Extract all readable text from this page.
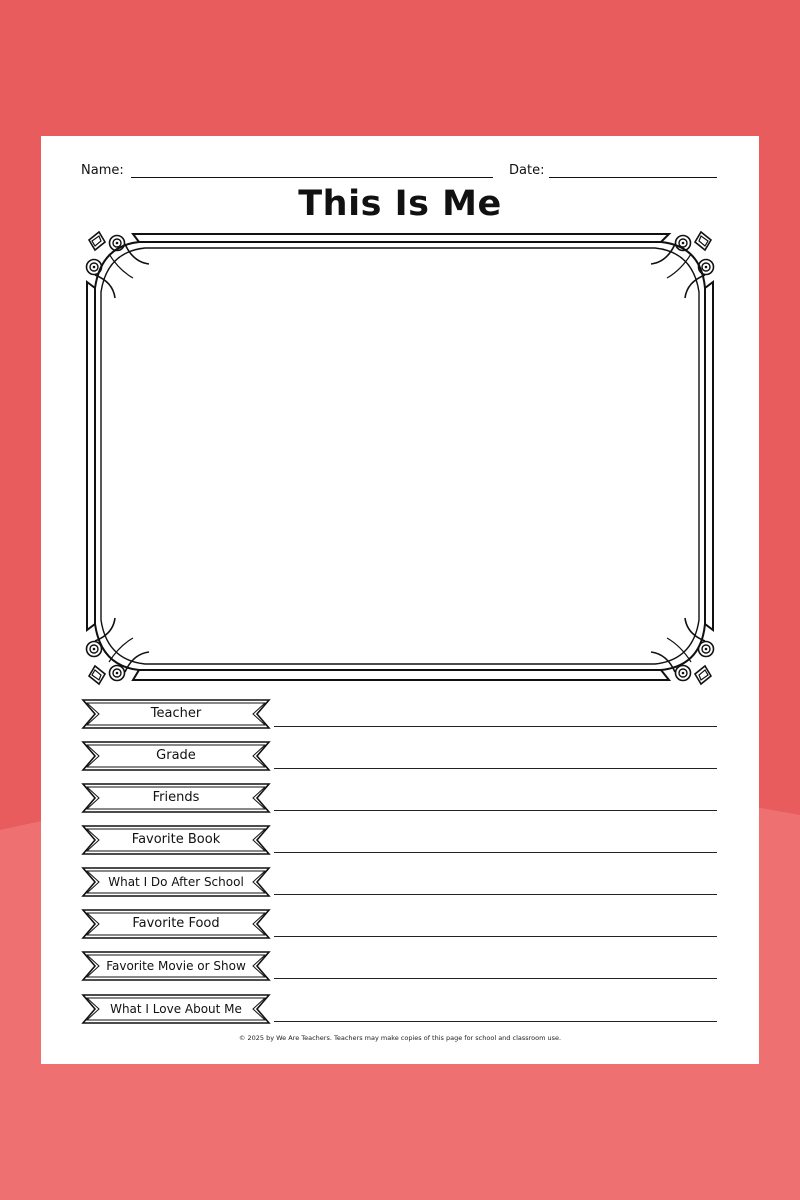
Name:	Date:
This Is Me
Teacher
Grade
Friends
Favorite Book
What I Do After School
Favorite Food
Favorite Movie or Show
What I Love About Me
© 2025 by We Are Teachers. Teachers may make copies of this page for school and classroom use.
